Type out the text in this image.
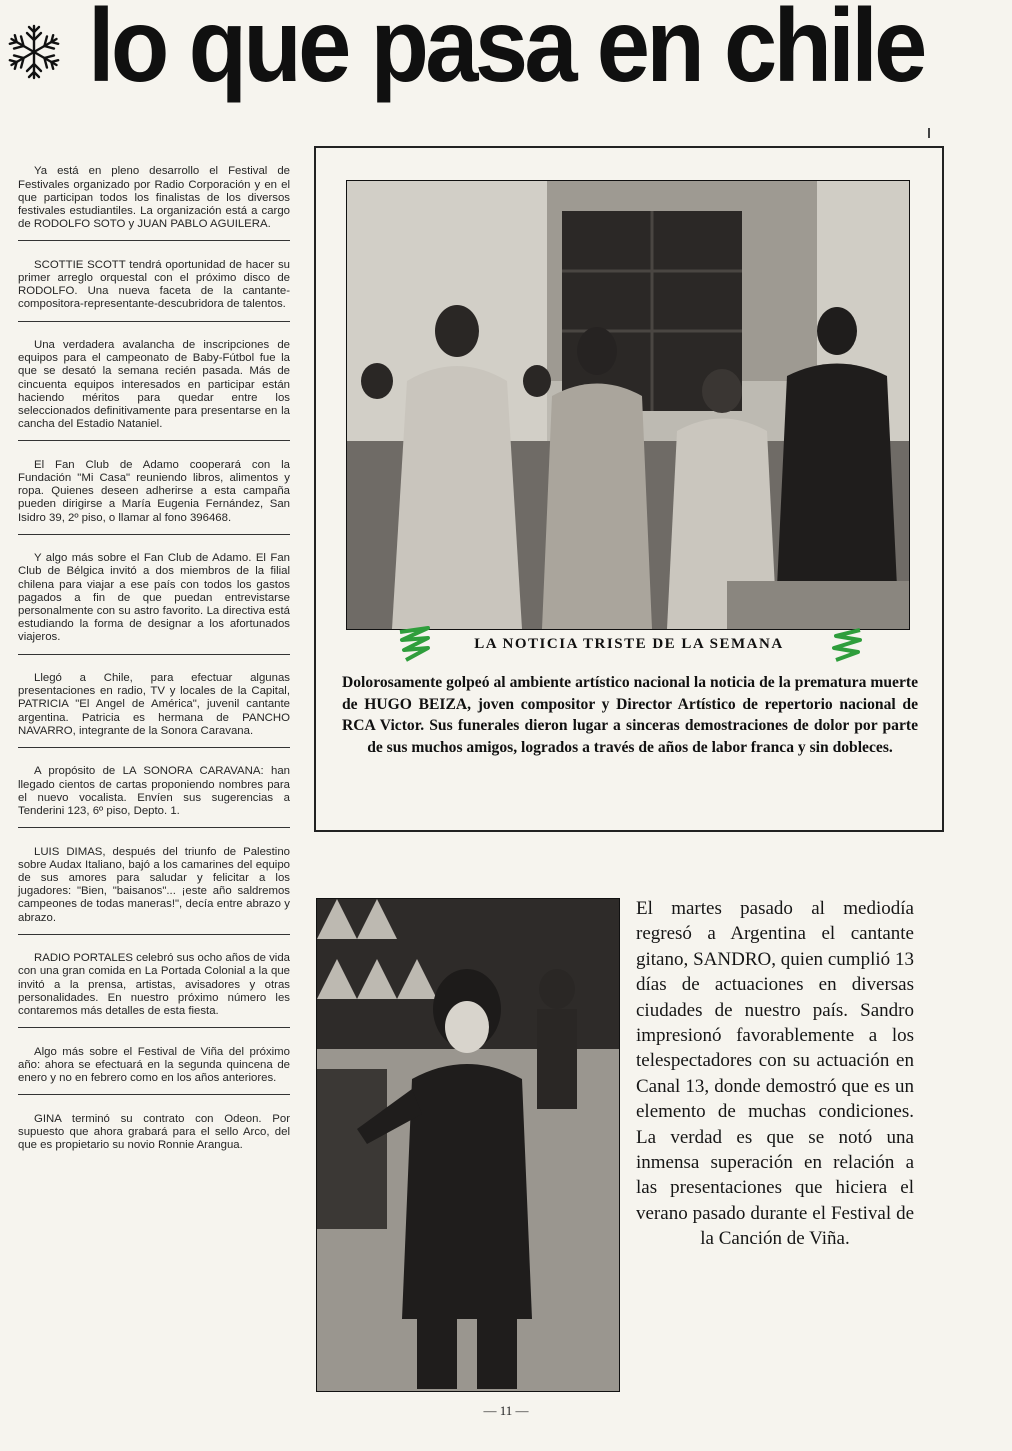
lo que pasa en chile

Ya está en pleno desarrollo el Festival de Festivales organizado por Radio Corporación y en el que participan todos los finalistas de los diversos festivales estudiantiles. La organización está a cargo de RODOLFO SOTO y JUAN PABLO AGUILERA.

SCOTTIE SCOTT tendrá oportunidad de hacer su primer arreglo orquestal con el próximo disco de RODOLFO. Una nueva faceta de la cantante-compositora-representante-descubridora de talentos.

Una verdadera avalancha de inscripciones de equipos para el campeonato de Baby-Fútbol fue la que se desató la semana recién pasada. Más de cincuenta equipos interesados en participar están haciendo méritos para quedar entre los seleccionados definitivamente para presentarse en la cancha del Estadio Nataniel.

El Fan Club de Adamo cooperará con la Fundación "Mi Casa" reuniendo libros, alimentos y ropa. Quienes deseen adherirse a esta campaña pueden dirigirse a María Eugenia Fernández, San Isidro 39, 2º piso, o llamar al fono 396468.

Y algo más sobre el Fan Club de Adamo. El Fan Club de Bélgica invitó a dos miembros de la filial chilena para viajar a ese país con todos los gastos pagados a fin de que puedan entrevistarse personalmente con su astro favorito. La directiva está estudiando la forma de designar a los afortunados viajeros.

Llegó a Chile, para efectuar algunas presentaciones en radio, TV y locales de la Capital, PATRICIA "El Angel de América", juvenil cantante argentina. Patricia es hermana de PANCHO NAVARRO, integrante de la Sonora Caravana.

A propósito de LA SONORA CARAVANA: han llegado cientos de cartas proponiendo nombres para el nuevo vocalista. Envíen sus sugerencias a Tenderini 123, 6º piso, Depto. 1.

LUIS DIMAS, después del triunfo de Palestino sobre Audax Italiano, bajó a los camarines del equipo de sus amores para saludar y felicitar a los jugadores: "Bien, "baisanos"... ¡este año saldremos campeones de todas maneras!", decía entre abrazo y abrazo.

RADIO PORTALES celebró sus ocho años de vida con una gran comida en La Portada Colonial a la que invitó a la prensa, artistas, avisadores y otras personalidades. En nuestro próximo número les contaremos más detalles de esta fiesta.

Algo más sobre el Festival de Viña del próximo año: ahora se efectuará en la segunda quincena de enero y no en febrero como en los años anteriores.

GINA terminó su contrato con Odeon. Por supuesto que ahora grabará para el sello Arco, del que es propietario su novio Ronnie Arangua.

LA NOTICIA TRISTE DE LA SEMANA
Dolorosamente golpeó al ambiente artístico nacional la noticia de la prematura muerte de HUGO BEIZA, joven compositor y Director Artístico de repertorio nacional de RCA Victor. Sus funerales dieron lugar a sinceras demostraciones de dolor por parte de sus muchos amigos, logrados a través de años de labor franca y sin dobleces.
El martes pasado al mediodía regresó a Argentina el cantante gitano, SANDRO, quien cumplió 13 días de actuaciones en diversas ciudades de nuestro país. Sandro impresionó favorablemente a los telespectadores con su actuación en Canal 13, donde demostró que es un elemento de muchas condiciones. La verdad es que se notó una inmensa superación en relación a las presentaciones que hiciera el verano pasado durante el Festival de la Canción de Viña.
— 11 —
